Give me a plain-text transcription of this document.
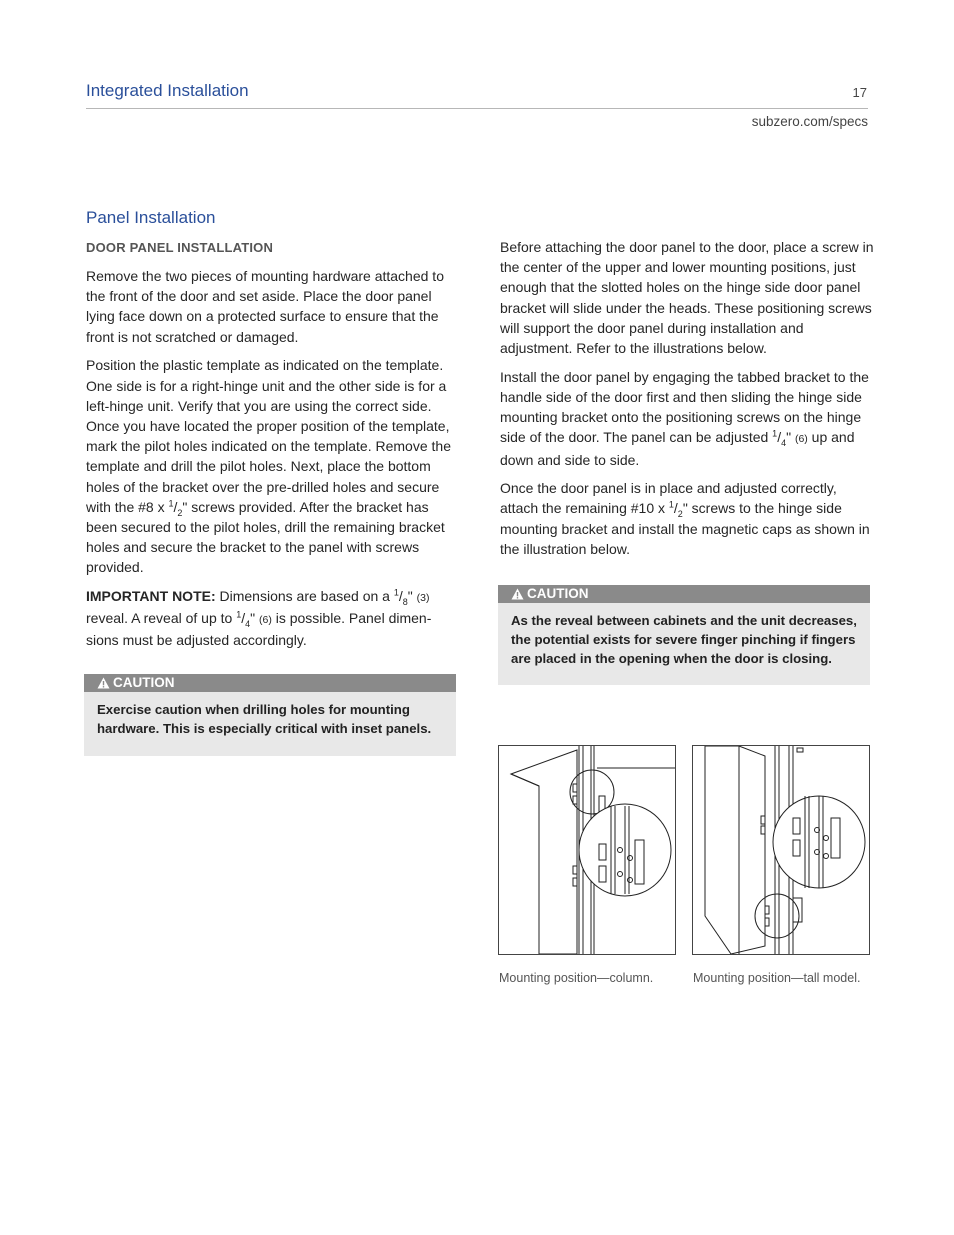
Integrated Installation	17
subzero.com/specs
Panel Installation
DOOR PANEL INSTALLATION

Remove the two pieces of mounting hardware attached to the front of the door and set aside. Place the door panel lying face down on a protected surface to ensure that the front is not scratched or damaged.

Position the plastic template as indicated on the template. One side is for a right-hinge unit and the other side is for a left-hinge unit. Verify that you are using the correct side. Once you have located the proper position of the template, mark the pilot holes indicated on the template. Remove the template and drill the pilot holes. Next, place the bottom holes of the bracket over the pre-drilled holes and secure with the #8 x $^1/_2$" screws provided. After the bracket has been secured to the pilot holes, drill the remaining bracket holes and secure the bracket to the panel with screws provided.

IMPORTANT NOTE: Dimensions are based on a $^1/_8$" (3) reveal. A reveal of up to $^1/_4$" (6) is possible. Panel dimen-sions must be adjusted accordingly.

CAUTION
Exercise caution when drilling holes for mounting hardware. This is especially critical with inset panels.

Before attaching the door panel to the door, place a screw in the center of the upper and lower mounting positions, just enough that the slotted holes on the hinge side door panel bracket will slide under the heads. These positioning screws will support the door panel during installation and adjustment. Refer to the illustrations below.

Install the door panel by engaging the tabbed bracket to the handle side of the door first and then sliding the hinge side mounting bracket onto the positioning screws on the hinge side of the door. The panel can be adjusted $^1/_4$" (6) up and down and side to side.

Once the door panel is in place and adjusted correctly, attach the remaining #10 x $^1/_2$" screws to the hinge side mounting bracket and install the magnetic caps as shown in the illustration below.

CAUTION
As the reveal between cabinets and the unit decreases, the potential exists for severe finger pinching if fingers are placed in the opening when the door is closing.
Mounting position—column.	Mounting position—tall model.
